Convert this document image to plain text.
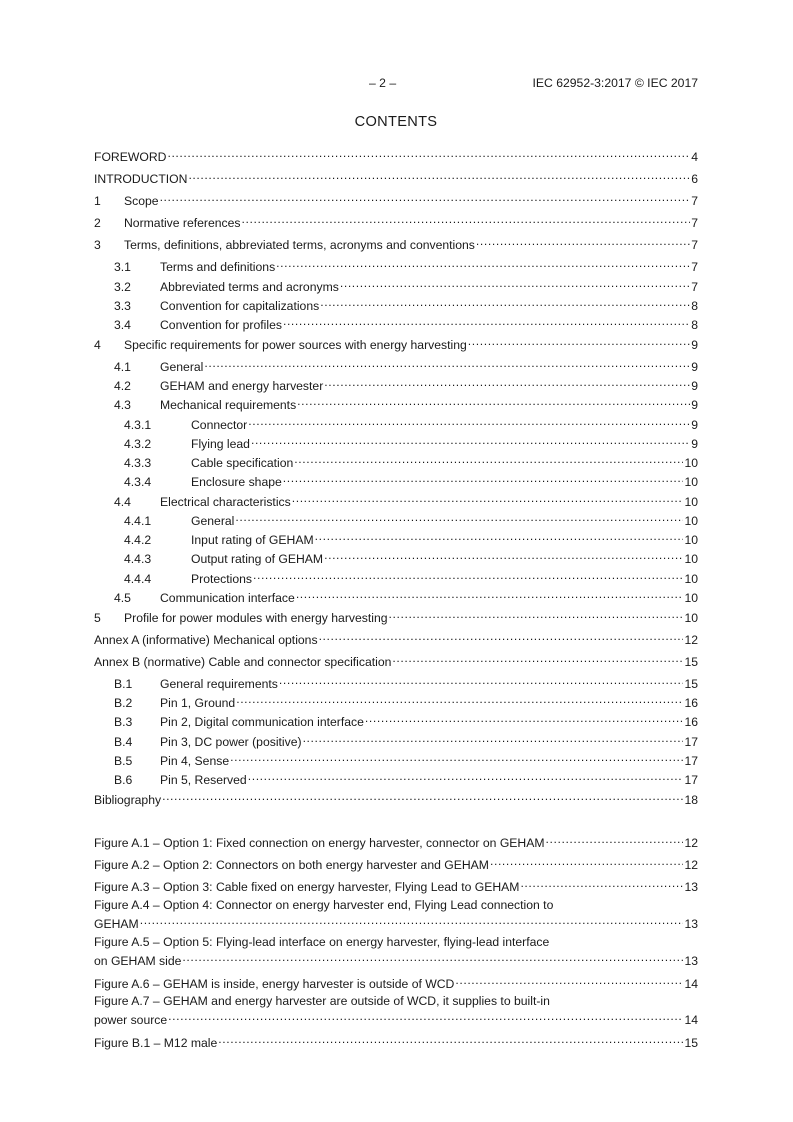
– 2 –	IEC 62952-3:2017 © IEC 2017
CONTENTS
FOREWORD .....	4
INTRODUCTION .....	6
1	Scope .....	7
2	Normative references .....	7
3	Terms, definitions, abbreviated terms, acronyms and conventions .....	7
3.1	Terms and definitions .....	7
3.2	Abbreviated terms and acronyms .....	7
3.3	Convention for capitalizations .....	8
3.4	Convention for profiles .....	8
4	Specific requirements for power sources with energy harvesting .....	9
4.1	General .....	9
4.2	GEHAM and energy harvester .....	9
4.3	Mechanical requirements .....	9
4.3.1	Connector .....	9
4.3.2	Flying lead .....	9
4.3.3	Cable specification .....	10
4.3.4	Enclosure shape .....	10
4.4	Electrical characteristics .....	10
4.4.1	General .....	10
4.4.2	Input rating of GEHAM .....	10
4.4.3	Output rating of GEHAM .....	10
4.4.4	Protections .....	10
4.5	Communication interface .....	10
5	Profile for power modules with energy harvesting .....	10
Annex A (informative) Mechanical options .....	12
Annex B (normative) Cable and connector specification .....	15
B.1	General requirements .....	15
B.2	Pin 1, Ground .....	16
B.3	Pin 2, Digital communication interface .....	16
B.4	Pin 3, DC power (positive) .....	17
B.5	Pin 4, Sense .....	17
B.6	Pin 5, Reserved .....	17
Bibliography .....	18
Figure A.1 – Option 1: Fixed connection on energy harvester, connector on GEHAM .....	12
Figure A.2 – Option 2: Connectors on both energy harvester and GEHAM .....	12
Figure A.3 – Option 3: Cable fixed on energy harvester, Flying Lead to GEHAM .....	13
Figure A.4 – Option 4: Connector on energy harvester end, Flying Lead connection to
GEHAM .....	13
Figure A.5 – Option 5: Flying-lead interface on energy harvester, flying-lead interface
on GEHAM side .....	13
Figure A.6 – GEHAM is inside, energy harvester is outside of WCD .....	14
Figure A.7 – GEHAM and energy harvester are outside of WCD, it supplies to built-in
power source .....	14
Figure B.1 – M12 male .....	15
